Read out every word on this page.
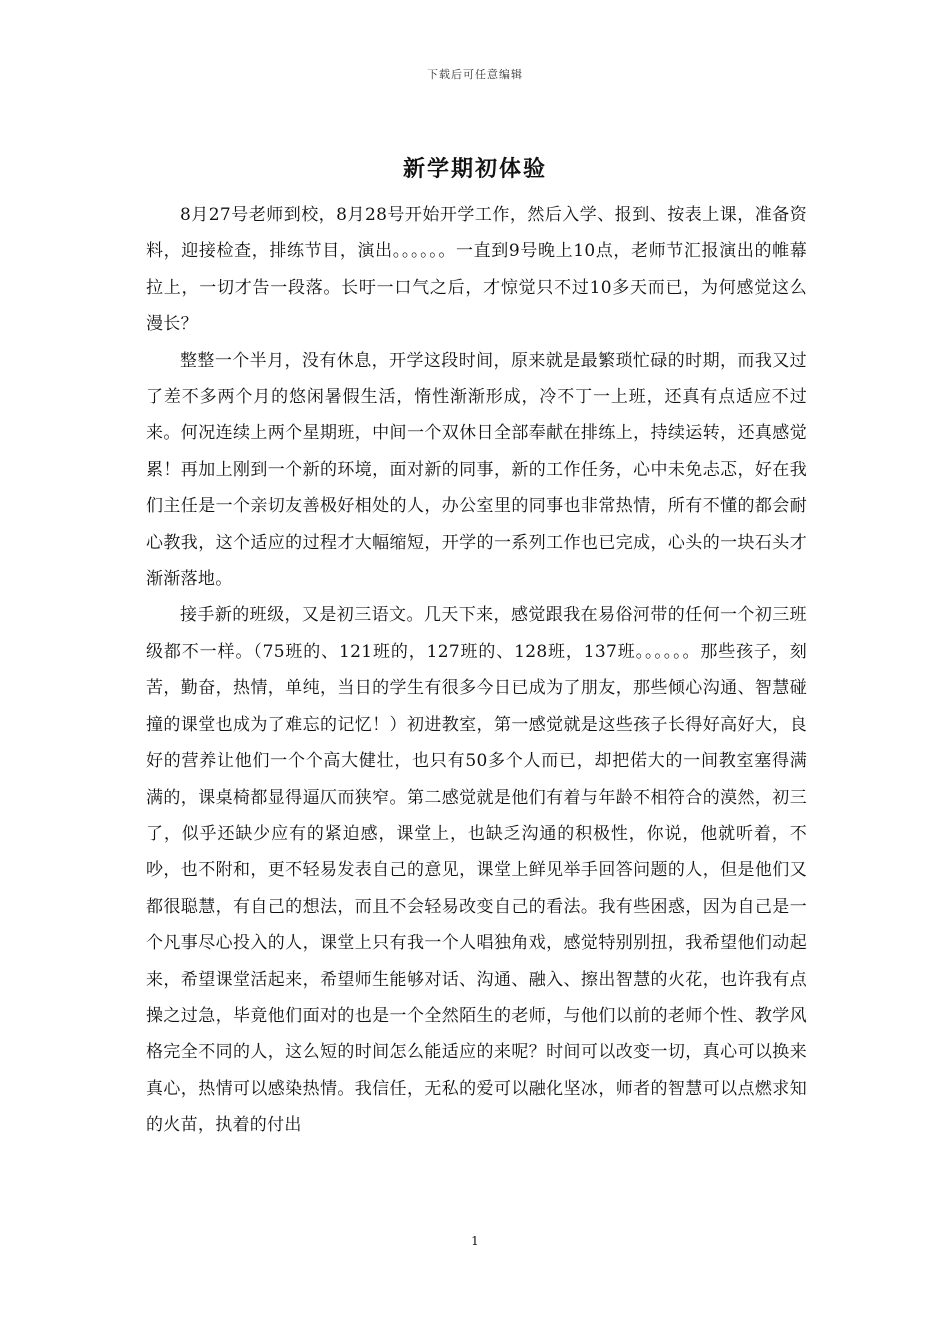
下载后可任意编辑
新学期初体验

8月27号老师到校，8月28号开始开学工作，然后入学、报到、按表上课，准备资料，迎接检查，排练节目，演出。。。。。。一直到9号晚上10点，老师节汇报演出的帷幕拉上，一切才告一段落。长吁一口气之后，才惊觉只不过10多天而已，为何感觉这么漫长？

整整一个半月，没有休息，开学这段时间，原来就是最繁琐忙碌的时期，而我又过了差不多两个月的悠闲暑假生活，惰性渐渐形成，冷不丁一上班，还真有点适应不过来。何况连续上两个星期班，中间一个双休日全部奉献在排练上，持续运转，还真感觉累！再加上刚到一个新的环境，面对新的同事，新的工作任务，心中未免忐忑，好在我们主任是一个亲切友善极好相处的人，办公室里的同事也非常热情，所有不懂的都会耐心教我，这个适应的过程才大幅缩短，开学的一系列工作也已完成，心头的一块石头才渐渐落地。

接手新的班级，又是初三语文。几天下来，感觉跟我在易俗河带的任何一个初三班级都不一样。（75班的、121班的，127班的、128班，137班。。。。。。那些孩子，刻苦，勤奋，热情，单纯，当日的学生有很多今日已成为了朋友，那些倾心沟通、智慧碰撞的课堂也成为了难忘的记忆！）初进教室，第一感觉就是这些孩子长得好高好大，良好的营养让他们一个个高大健壮，也只有50多个人而已，却把偌大的一间教室塞得满满的，课桌椅都显得逼仄而狭窄。第二感觉就是他们有着与年龄不相符合的漠然，初三了，似乎还缺少应有的紧迫感，课堂上，也缺乏沟通的积极性，你说，他就听着，不吵，也不附和，更不轻易发表自己的意见，课堂上鲜见举手回答问题的人，但是他们又都很聪慧，有自己的想法，而且不会轻易改变自己的看法。我有些困惑，因为自己是一个凡事尽心投入的人，课堂上只有我一个人唱独角戏，感觉特别别扭，我希望他们动起来，希望课堂活起来，希望师生能够对话、沟通、融入、擦出智慧的火花，也许我有点操之过急，毕竟他们面对的也是一个全然陌生的老师，与他们以前的老师个性、教学风格完全不同的人，这么短的时间怎么能适应的来呢？时间可以改变一切，真心可以换来真心，热情可以感染热情。我信任，无私的爱可以融化坚冰，师者的智慧可以点燃求知的火苗，执着的付出

1
